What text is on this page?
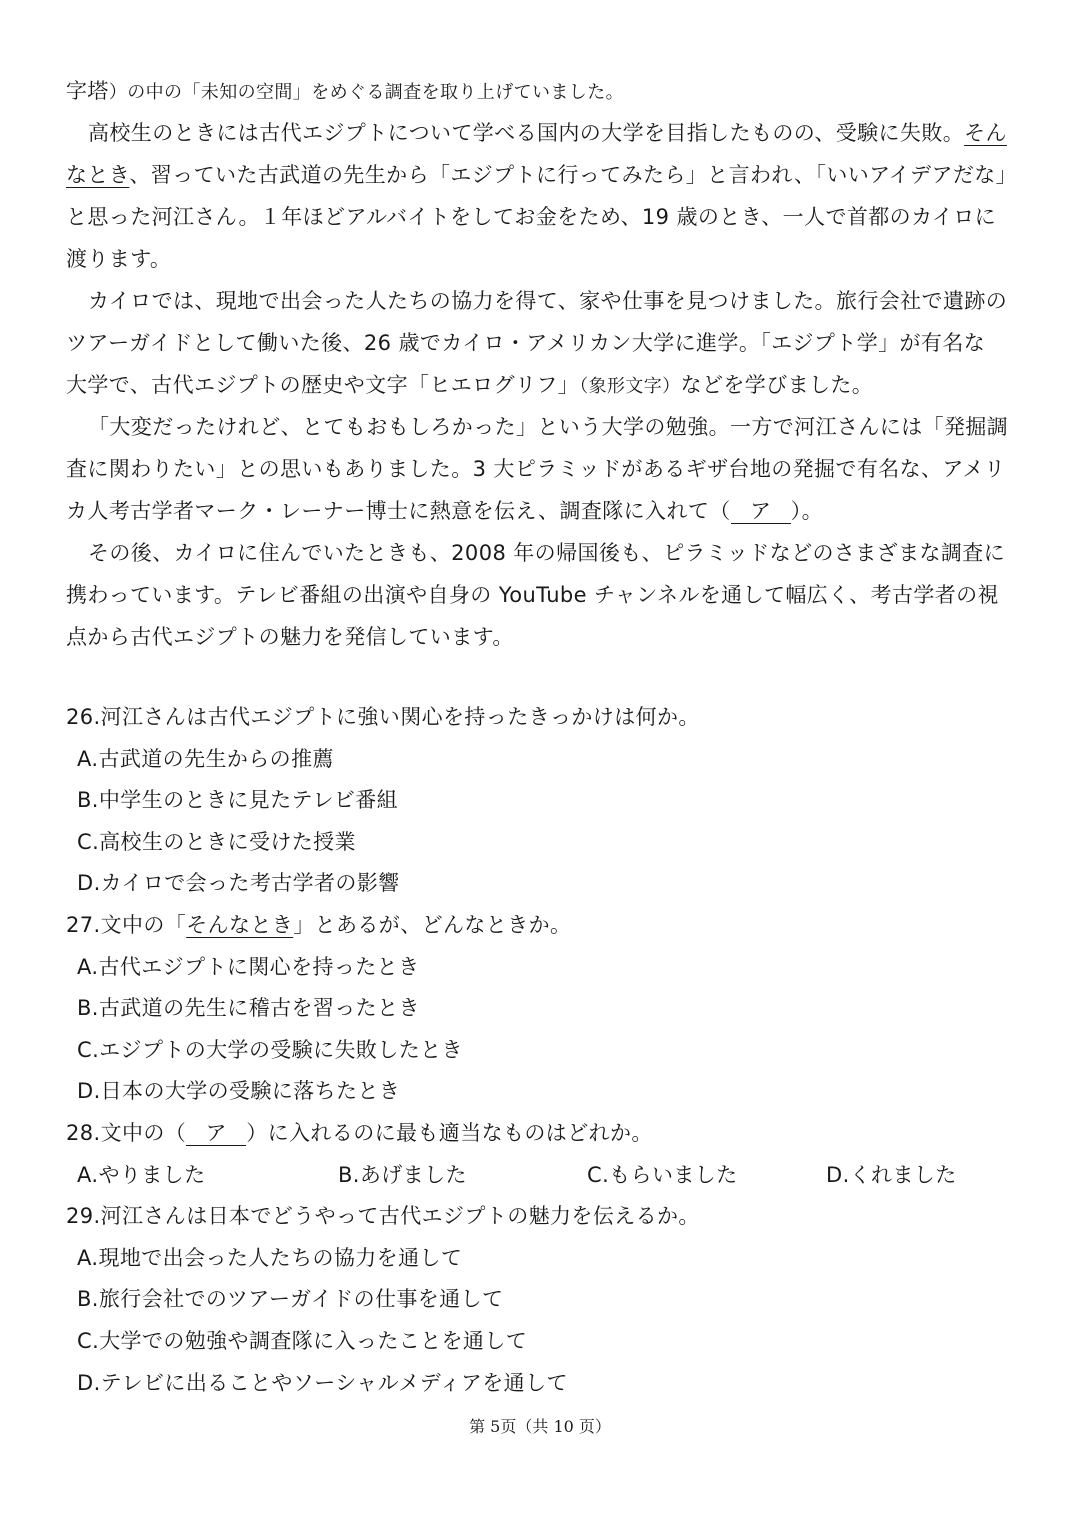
字塔）の中の「未知の空間」をめぐる調査を取り上げていました。
高校生のときには古代エジプトについて学べる国内の大学を目指したものの、受験に失敗。そん
なとき、習っていた古武道の先生から「エジプトに行ってみたら」と言われ、「いいアイデアだな」
と思った河江さん。１年ほどアルバイトをしてお金をため、19 歳のとき、一人で首都のカイロに
渡ります。
カイロでは、現地で出会った人たちの協力を得て、家や仕事を見つけました。旅行会社で遺跡の
ツアーガイドとして働いた後、26 歳でカイロ・アメリカン大学に進学。「エジプト学」が有名な
大学で、古代エジプトの歴史や文字「ヒエログリフ」（象形文字）などを学びました。
「大変だったけれど、とてもおもしろかった」という大学の勉強。一方で河江さんには「発掘調
査に関わりたい」との思いもありました。3 大ピラミッドがあるギザ台地の発掘で有名な、アメリ
カ人考古学者マーク・レーナー博士に熱意を伝え、調査隊に入れて（ ア ）。
その後、カイロに住んでいたときも、2008 年の帰国後も、ピラミッドなどのさまざまな調査に
携わっています。テレビ番組の出演や自身の YouTube チャンネルを通して幅広く、考古学者の視
点から古代エジプトの魅力を発信しています。
26.河江さんは古代エジプトに強い関心を持ったきっかけは何か。
A.古武道の先生からの推薦
B.中学生のときに見たテレビ番組
C.高校生のときに受けた授業
D.カイロで会った考古学者の影響
27.文中の「そんなとき」とあるが、どんなときか。
A.古代エジプトに関心を持ったとき
B.古武道の先生に稽古を習ったとき
C.エジプトの大学の受験に失敗したとき
D.日本の大学の受験に落ちたとき
28.文中の（ ア ）に入れるのに最も適当なものはどれか。
A.やりました	B.あげました	C.もらいました	D.くれました
29.河江さんは日本でどうやって古代エジプトの魅力を伝えるか。
A.現地で出会った人たちの協力を通して
B.旅行会社でのツアーガイドの仕事を通して
C.大学での勉強や調査隊に入ったことを通して
D.テレビに出ることやソーシャルメディアを通して
第 5页（共 10 页）
